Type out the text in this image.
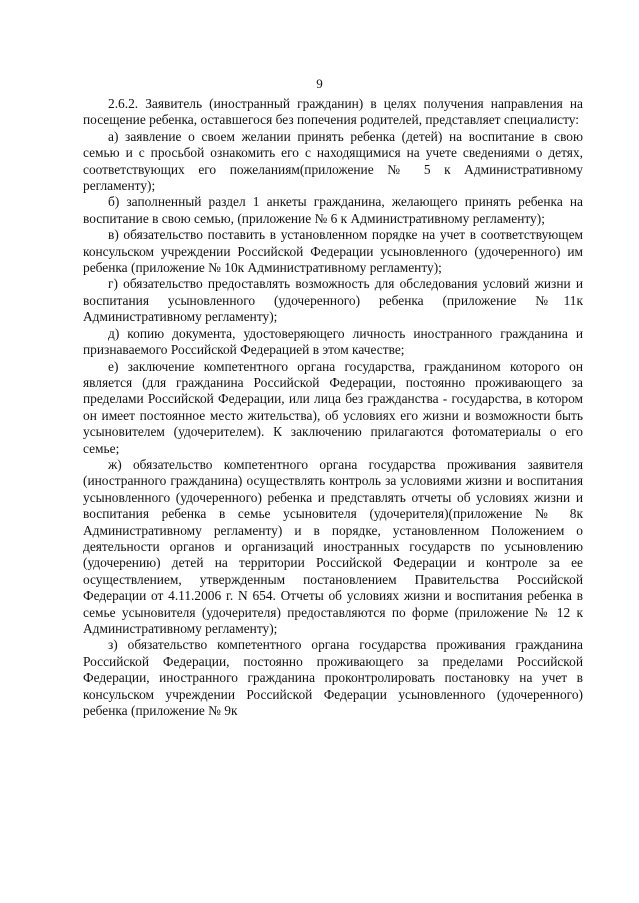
9

2.6.2. Заявитель (иностранный гражданин) в целях получения направления на посещение ребенка, оставшегося без попечения родителей, представляет специалисту:

а) заявление о своем желании принять ребенка (детей) на воспитание в свою семью и с просьбой ознакомить его с находящимися на учете сведениями о детях, соответствующих его пожеланиям(приложение № 5 к Административному регламенту);

б) заполненный раздел 1 анкеты гражданина, желающего принять ребенка на воспитание в свою семью, (приложение № 6 к Административному регламенту);

в) обязательство поставить в установленном порядке на учет в соответствующем консульском учреждении Российской Федерации усыновленного (удочеренного) им ребенка (приложение № 10к Административному регламенту);

г) обязательство предоставлять возможность для обследования условий жизни и воспитания усыновленного (удочеренного) ребенка (приложение №11к Административному регламенту);

д) копию документа, удостоверяющего личность иностранного гражданина и признаваемого Российской Федерацией в этом качестве;

е) заключение компетентного органа государства, гражданином которого он является (для гражданина Российской Федерации, постоянно проживающего за пределами Российской Федерации, или лица без гражданства - государства, в котором он имеет постоянное место жительства), об условиях его жизни и возможности быть усыновителем (удочерителем). К заключению прилагаются фотоматериалы о его семье;

ж) обязательство компетентного органа государства проживания заявителя (иностранного гражданина) осуществлять контроль за условиями жизни и воспитания усыновленного (удочеренного) ребенка и представлять отчеты об условиях жизни и воспитания ребенка в семье усыновителя (удочерителя)(приложение № 8к Административному регламенту) и в порядке, установленном Положением о деятельности органов и организаций иностранных государств по усыновлению (удочерению) детей на территории Российской Федерации и контроле за ее осуществлением, утвержденным постановлением Правительства Российской Федерации от 4.11.2006 г. N 654. Отчеты об условиях жизни и воспитания ребенка в семье усыновителя (удочерителя) предоставляются по форме (приложение № 12 к Административному регламенту);

з) обязательство компетентного органа государства проживания гражданина Российской Федерации, постоянно проживающего за пределами Российской Федерации, иностранного гражданина проконтролировать постановку на учет в консульском учреждении Российской Федерации усыновленного (удочеренного) ребенка (приложение № 9к
